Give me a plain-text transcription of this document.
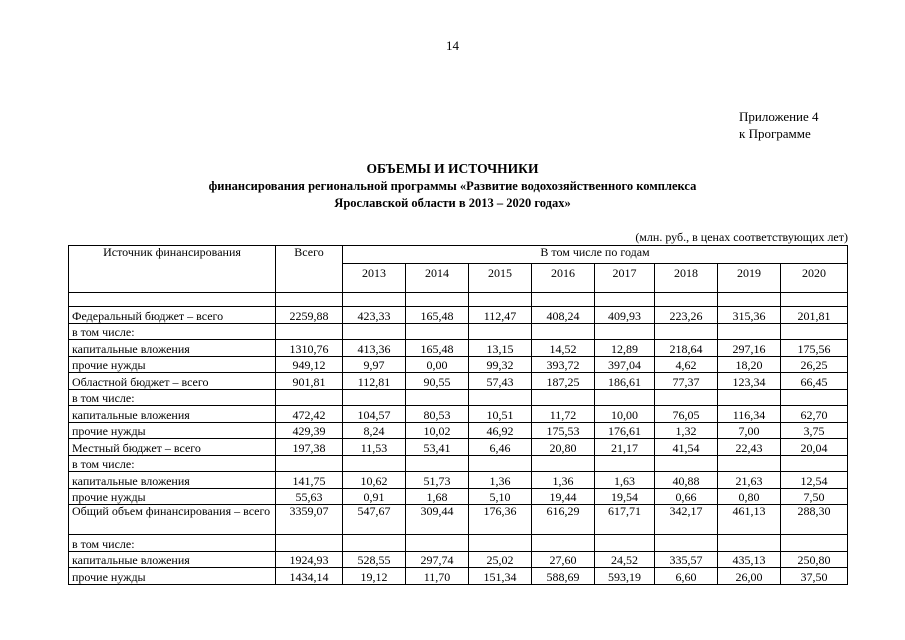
14
Приложение 4
к Программе
ОБЪЕМЫ И ИСТОЧНИКИ
финансирования региональной программы «Развитие водохозяйственного комплекса
Ярославской области в 2013 – 2020 годах»
(млн. руб., в ценах соответствующих лет)
Источник финансирования	Всего	В том числе по годам							
		2013	2014	2015	2016	2017	2018	2019	2020

Федеральный бюджет – всего	2259,88	423,33	165,48	112,47	408,24	409,93	223,26	315,36	201,81
в том числе:									
капитальные вложения	1310,76	413,36	165,48	13,15	14,52	12,89	218,64	297,16	175,56
прочие нужды	949,12	9,97	0,00	99,32	393,72	397,04	4,62	18,20	26,25
Областной бюджет – всего	901,81	112,81	90,55	57,43	187,25	186,61	77,37	123,34	66,45
в том числе:									
капитальные вложения	472,42	104,57	80,53	10,51	11,72	10,00	76,05	116,34	62,70
прочие нужды	429,39	8,24	10,02	46,92	175,53	176,61	1,32	7,00	3,75
Местный бюджет – всего	197,38	11,53	53,41	6,46	20,80	21,17	41,54	22,43	20,04
в том числе:									
капитальные вложения	141,75	10,62	51,73	1,36	1,36	1,63	40,88	21,63	12,54
прочие нужды	55,63	0,91	1,68	5,10	19,44	19,54	0,66	0,80	7,50
Общий объем финансирования – всего	3359,07	547,67	309,44	176,36	616,29	617,71	342,17	461,13	288,30
в том числе:									
капитальные вложения	1924,93	528,55	297,74	25,02	27,60	24,52	335,57	435,13	250,80
прочие нужды	1434,14	19,12	11,70	151,34	588,69	593,19	6,60	26,00	37,50
